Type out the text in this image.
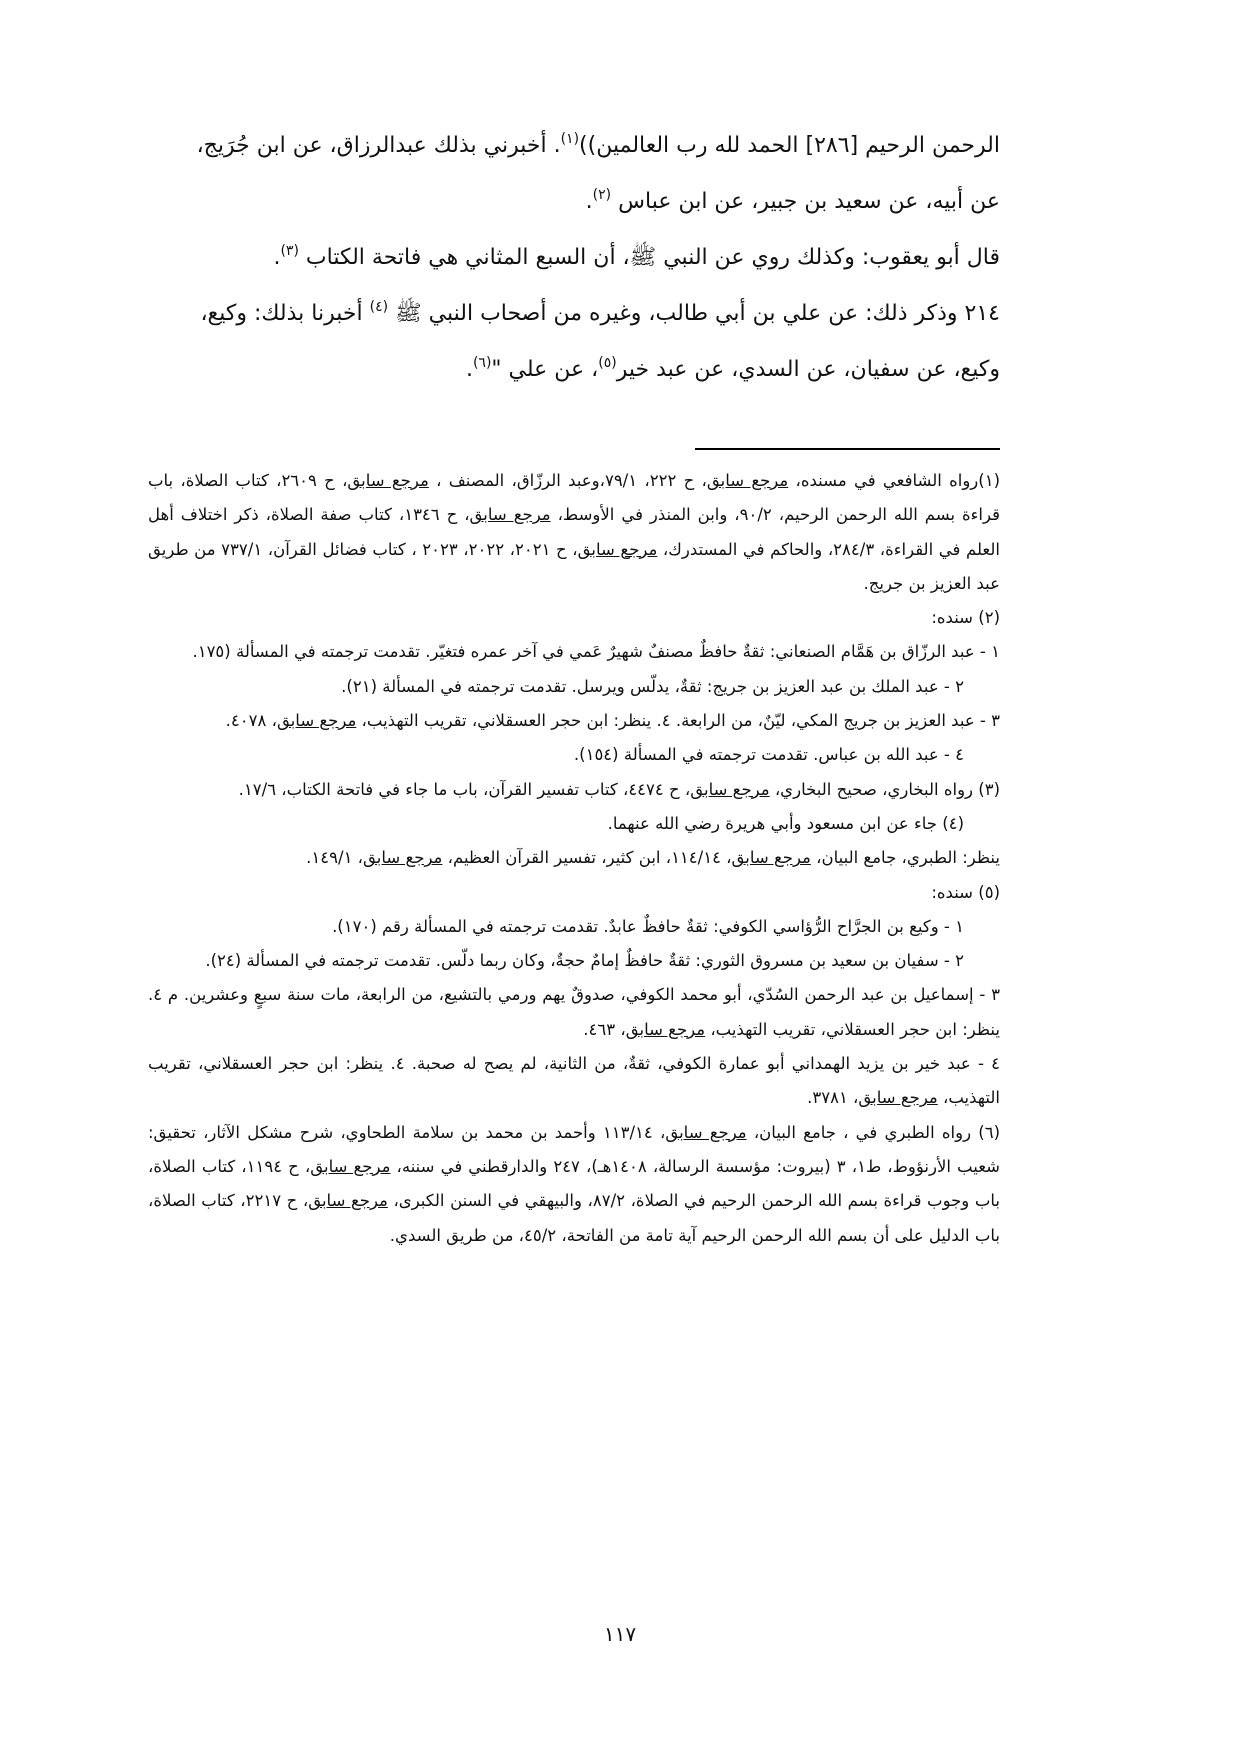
الرحمن الرحيم [٢٨٦] الحمد لله رب العالمين))$^{(١)}$. أخبرني بذلك عبدالرزاق، عن ابن جُرَيج،

عن أبيه، عن سعيد بن جبير، عن ابن عباس $^{(٢)}$.

قال أبو يعقوب: وكذلك روي عن النبي ﷺ، أن السبع المثاني هي فاتحة الكتاب $^{(٣)}$.

٢١٤ وذكر ذلك: عن علي بن أبي طالب، وغيره من أصحاب النبي ﷺ $^{(٤)}$ أخبرنا بذلك: وكيع،

وكيع، عن سفيان، عن السدي، عن عبد خير$^{(٥)}$، عن علي "$^{(٦)}$.

(١)رواه الشافعي في مسنده، مرجع سابق، ح ٢٢٢، ٧٩/١،وعبد الرزّاق، المصنف ، مرجع سابق، ح ٢٦٠٩، كتاب الصلاة، باب قراءة بسم الله الرحمن الرحيم، ٩٠/٢، وابن المنذر في الأوسط، مرجع سابق، ح ١٣٤٦، كتاب صفة الصلاة، ذكر اختلاف أهل العلم في القراءة، ٢٨٤/٣، والحاكم في المستدرك، مرجع سابق، ح ٢٠٢١، ٢٠٢٢، ٢٠٢٣ ، كتاب فضائل القرآن، ٧٣٧/١ من طريق عبد العزيز بن جريج.

(٢) سنده:

١ - عبد الرزّاق بن هَمَّام الصنعاني: ثقةٌ حافظٌ مصنفٌ شهيرٌ عَمي في آخر عمره فتغيّر. تقدمت ترجمته في المسألة (١٧٥.

٢ - عبد الملك بن عبد العزيز بن جريج: ثقةٌ، يدلّس ويرسل. تقدمت ترجمته في المسألة (٢١).

٣ - عبد العزيز بن جريج المكي، ليّنٌ، من الرابعة. ٤. ينظر: ابن حجر العسقلاني، تقريب التهذيب، مرجع سابق، ٤٠٧٨.

٤ - عبد الله بن عباس. تقدمت ترجمته في المسألة (١٥٤).

(٣) رواه البخاري، صحيح البخاري، مرجع سابق، ح ٤٤٧٤، كتاب تفسير القرآن، باب ما جاء في فاتحة الكتاب، ١٧/٦.

(٤) جاء عن ابن مسعود وأبي هريرة رضي الله عنهما.

ينظر: الطبري، جامع البيان، مرجع سابق، ١١٤/١٤، ابن كثير، تفسير القرآن العظيم، مرجع سابق، ١٤٩/١.

(٥) سنده:

١ - وكيع بن الجرَّاح الرُّؤاسي الكوفي: ثقةٌ حافظٌ عابدٌ. تقدمت ترجمته في المسألة رقم (١٧٠).

٢ - سفيان بن سعيد بن مسروق الثوري: ثقةٌ حافظٌ إمامٌ حجةٌ، وكان ربما دلّس. تقدمت ترجمته في المسألة (٢٤).

٣ - إسماعيل بن عبد الرحمن السُدّي، أبو محمد الكوفي، صدوقٌ يهم ورمي بالتشيع، من الرابعة، مات سنة سبعٍ وعشرين. م ٤. ينظر: ابن حجر العسقلاني، تقريب التهذيب، مرجع سابق، ٤٦٣.

٤ - عبد خير بن يزيد الهمداني أبو عمارة الكوفي، ثقةٌ، من الثانية، لم يصح له صحبة. ٤. ينظر: ابن حجر العسقلاني، تقريب التهذيب، مرجع سابق، ٣٧٨١.

(٦) رواه الطبري في ، جامع البيان، مرجع سابق، ١١٣/١٤ وأحمد بن محمد بن سلامة الطحاوي، شرح مشكل الآثار، تحقيق: شعيب الأرنؤوط، ط١، ٣ (بيروت: مؤسسة الرسالة، ١٤٠٨هـ)، ٢٤٧ والدارقطني في سننه، مرجع سابق، ح ١١٩٤، كتاب الصلاة، باب وجوب قراءة بسم الله الرحمن الرحيم في الصلاة، ٨٧/٢، والبيهقي في السنن الكبرى، مرجع سابق، ح ٢٢١٧، كتاب الصلاة، باب الدليل على أن بسم الله الرحمن الرحيم آية تامة من الفاتحة، ٤٥/٢، من طريق السدي.

١١٧
